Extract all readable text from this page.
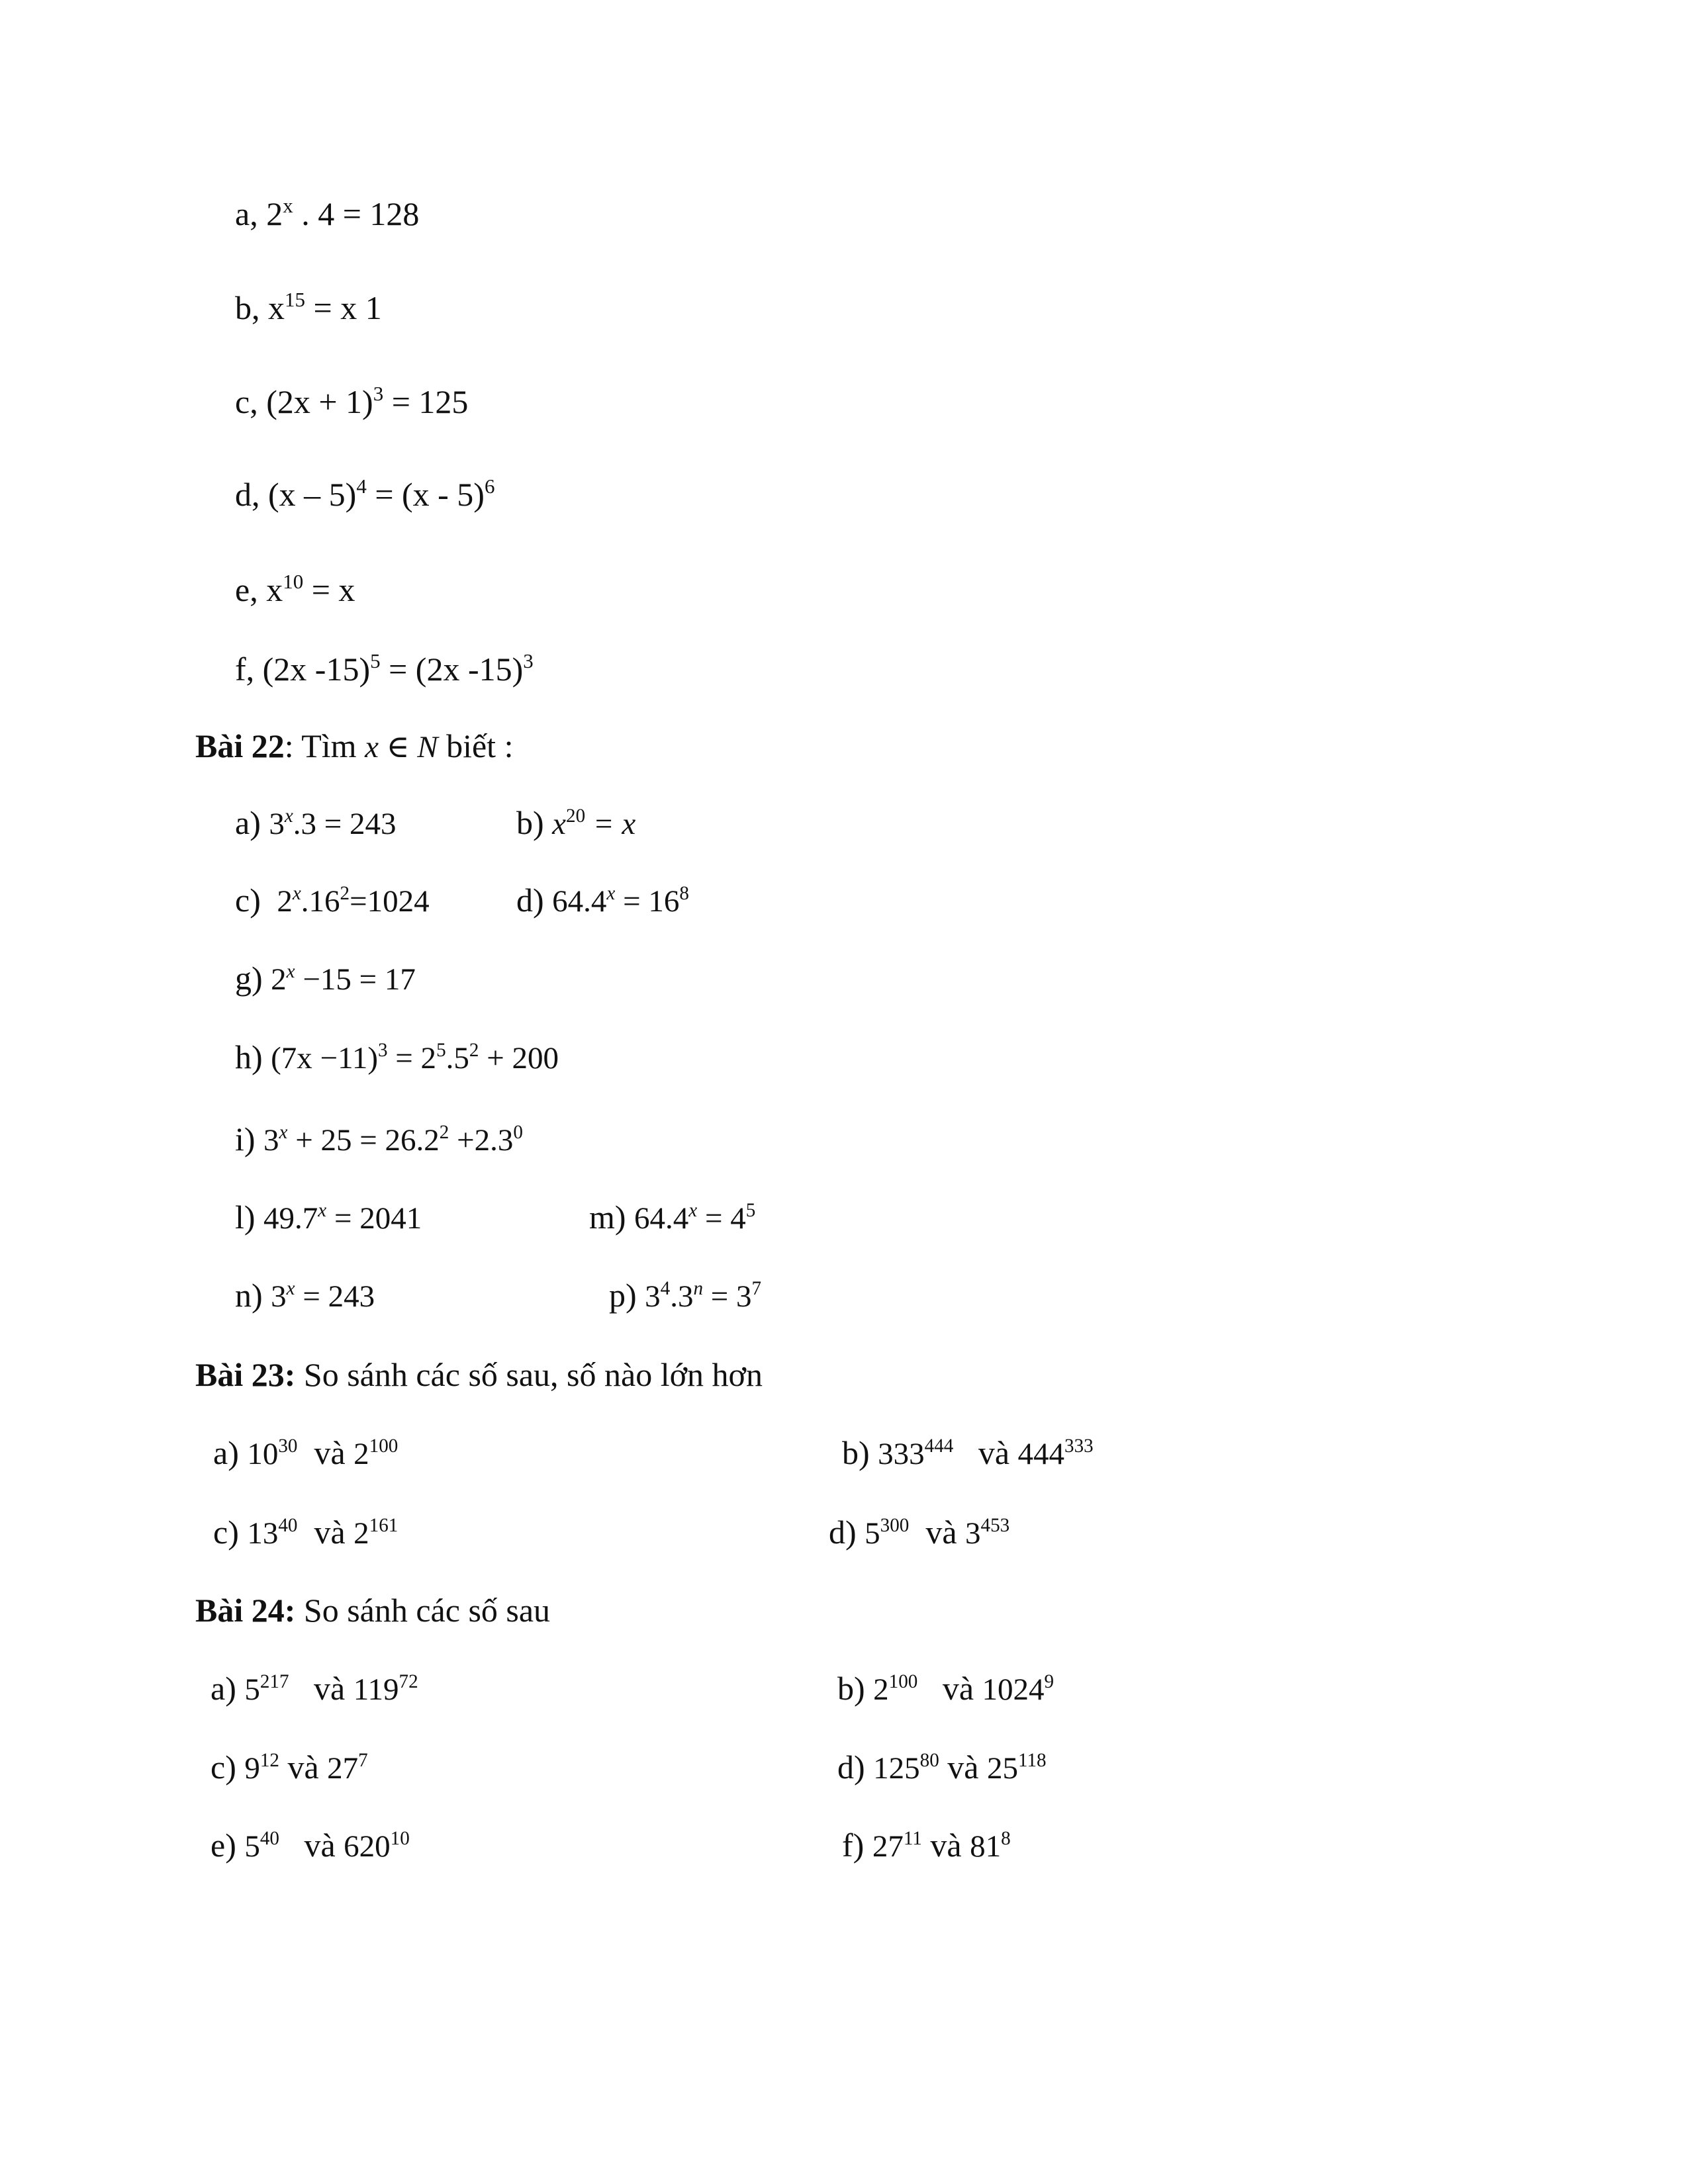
a, 2$^x$ . 4 = 128
b, $x^{15} = x$ 1
c, $(2x + 1)^3 = 125$
d, (x – 5)$^4$ = (x - 5)$^6$
e, $x^{10} = x$
f, (2x -15)$^5$ = (2x -15)$^3$
Bài 22: Tìm x ∈ N biết :
a) $3^x.3 = 243$	b) $x^{20} = x$
c) $2^x.16^2=1024$	d) $64.4^x = 16^8$
g) $2^x -15 = 17$
h) $(7x -11)^3 = 2^5.5^2 + 200$
i) $3^x + 25 = 26.2^2 +2.3^0$
l) $49.7^x = 2041$	m) $64.4^x = 4^5$
n) $3^x = 243$	p) $3^4.3^n = 3^7$
Bài 23: So sánh các số sau, số nào lớn hơn
a) $10^{30}$ và $2^{100}$	b) $333^{444}$ và $444^{333}$
c) $13^{40}$ và $2^{161}$	d) $5^{300}$ và $3^{453}$
Bài 24: So sánh các số sau
a) $5^{217}$ và $119^{72}$	b) $2^{100}$ và 1024$^9$
c) $9^{12}$ và $27^7$	d) $125^{80}$ và $25^{118}$
e) $5^{40}$ và $620^{10}$	f) $27^{11}$ và $81^8$
